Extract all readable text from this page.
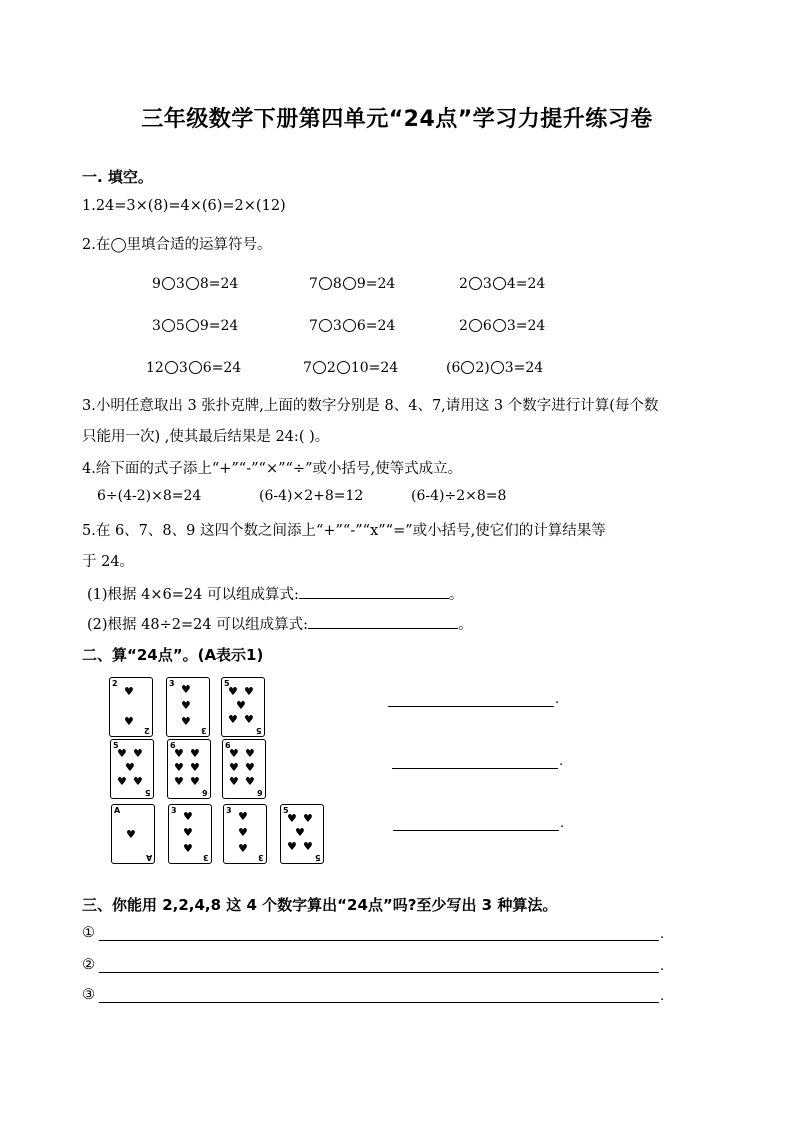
三年级数学下册第四单元“24点”学习力提升练习卷
一. 填空。
1.24=3×(8)=4×(6)=2×(12)
2.在◯里填合适的运算符号。
9 3 8=24	7 8 9=24	2 3 4=24
3 5 9=24	7 3 6=24	2 6 3=24
12 3 6=24	7 2 10=24	(6 2) 3=24
3.小明任意取出 3 张扑克牌,上面的数字分别是 8、4、7,请用这 3 个数字进行计算(每个数
只能用一次) ,使其最后结果是 24:( )。
4.给下面的式子添上“+”“-”“×”“÷”或小括号,使等式成立。
6÷(4-2)×8=24	(6-4)×2+8=12	(6-4)÷2×8=8
5.在 6、7、8、9 这四个数之间添上“+”“-”“x”“=”或小括号,使它们的计算结果等
于 24。
(1)根据 4×6=24 可以组成算式:	。
(2)根据 48÷2=24 可以组成算式:	。
二、算“24点”。(A表示1)
2
2
♥
♥
3
3
♥
♥
♥
5
5
♥ ♥
♥
♥ ♥
5
5
♥ ♥
♥
♥ ♥
6
6
♥ ♥
♥ ♥
♥ ♥
6
6
♥ ♥
♥ ♥
♥ ♥
A
A
♥
3
3
♥
♥
♥
3
3
♥
♥
♥
5
5
♥ ♥
♥
♥ ♥
.
.
.
三、你能用 2,2,4,8 这 4 个数字算出“24点”吗?至少写出 3 种算法。
①	.
②	.
③	.
